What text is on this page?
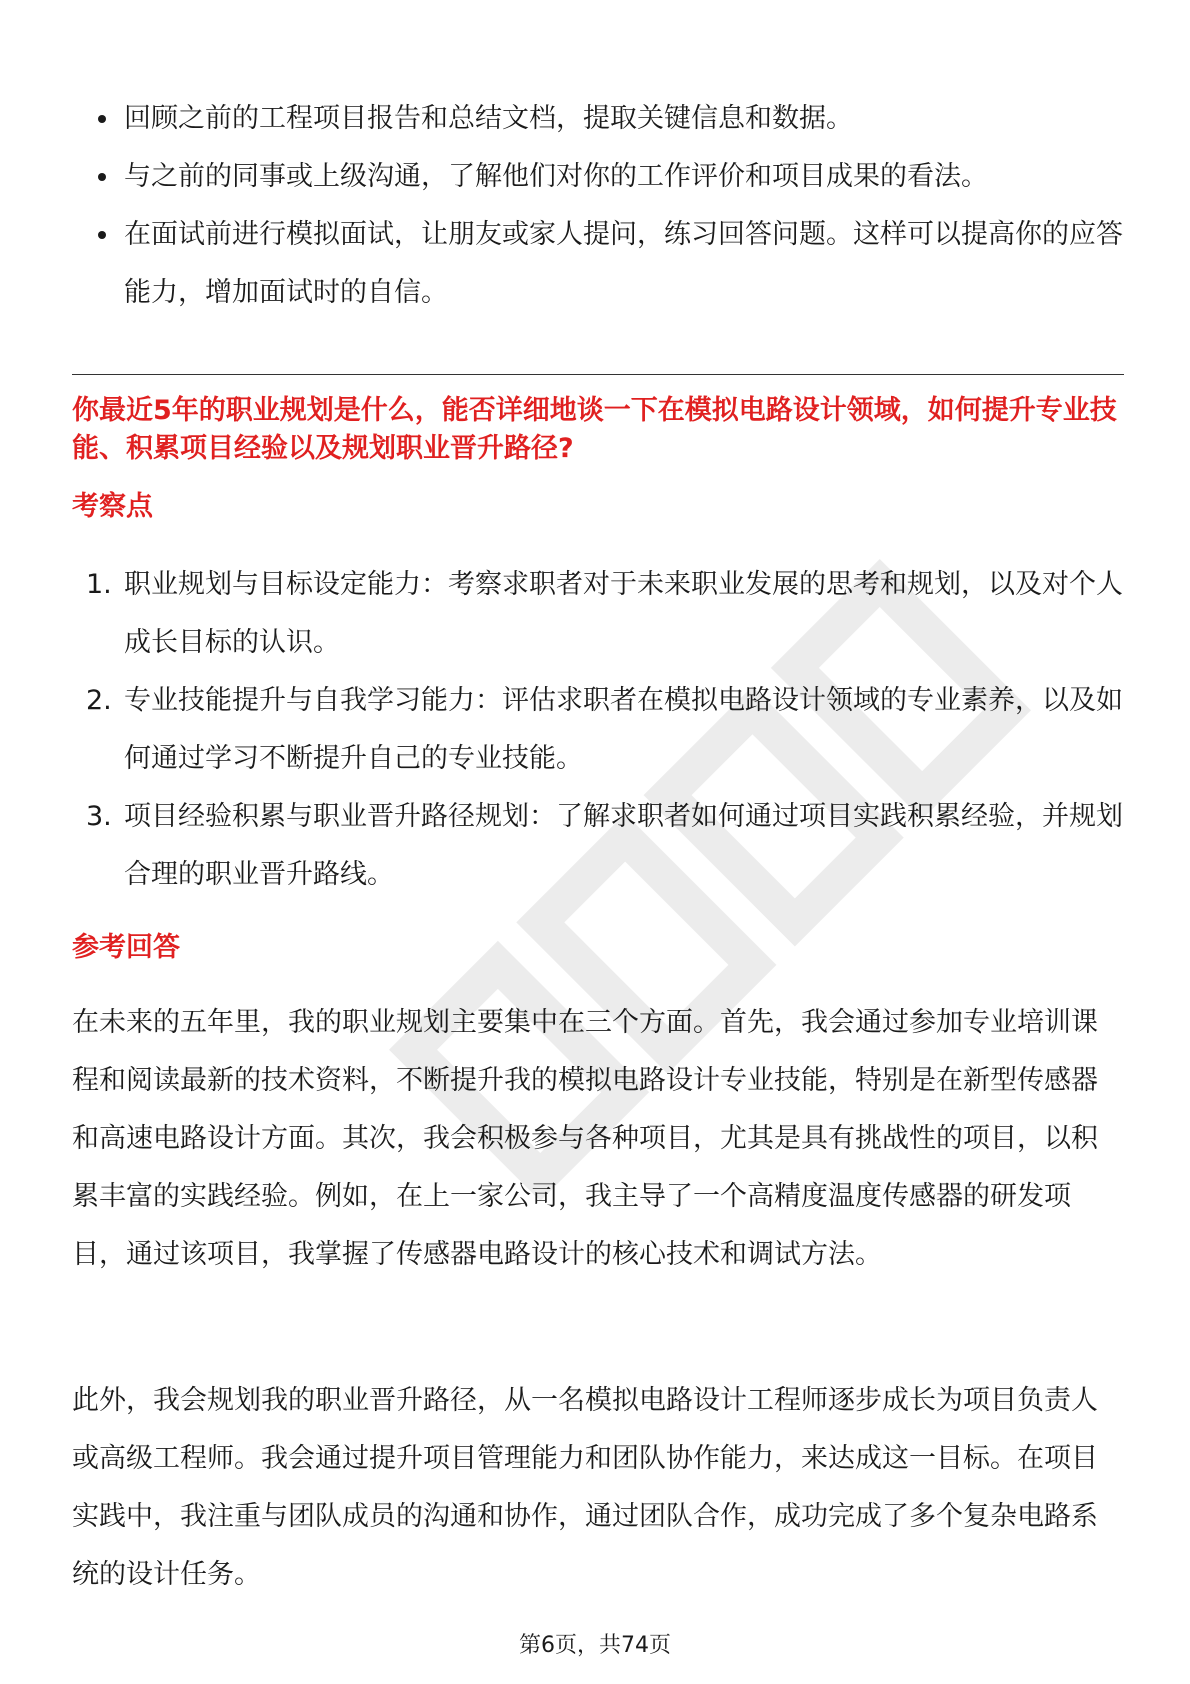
回顾之前的工程项目报告和总结文档，提取关键信息和数据。
与之前的同事或上级沟通，了解他们对你的工作评价和项目成果的看法。
在面试前进行模拟面试，让朋友或家人提问，练习回答问题。这样可以提高你的应答能力，增加面试时的自信。
你最近5年的职业规划是什么，能否详细地谈一下在模拟电路设计领域，如何提升专业技能、积累项目经验以及规划职业晋升路径?
考察点
1. 职业规划与目标设定能力：考察求职者对于未来职业发展的思考和规划，以及对个人成长目标的认识。
2. 专业技能提升与自我学习能力：评估求职者在模拟电路设计领域的专业素养，以及如何通过学习不断提升自己的专业技能。
3. 项目经验积累与职业晋升路径规划：了解求职者如何通过项目实践积累经验，并规划合理的职业晋升路线。
参考回答

在未来的五年里，我的职业规划主要集中在三个方面。首先，我会通过参加专业培训课程和阅读最新的技术资料，不断提升我的模拟电路设计专业技能，特别是在新型传感器和高速电路设计方面。其次，我会积极参与各种项目，尤其是具有挑战性的项目，以积累丰富的实践经验。例如，在上一家公司，我主导了一个高精度温度传感器的研发项目，通过该项目，我掌握了传感器电路设计的核心技术和调试方法。

此外，我会规划我的职业晋升路径，从一名模拟电路设计工程师逐步成长为项目负责人或高级工程师。我会通过提升项目管理能力和团队协作能力，来达成这一目标。在项目实践中，我注重与团队成员的沟通和协作，通过团队合作，成功完成了多个复杂电路系统的设计任务。

第6页，共74页
